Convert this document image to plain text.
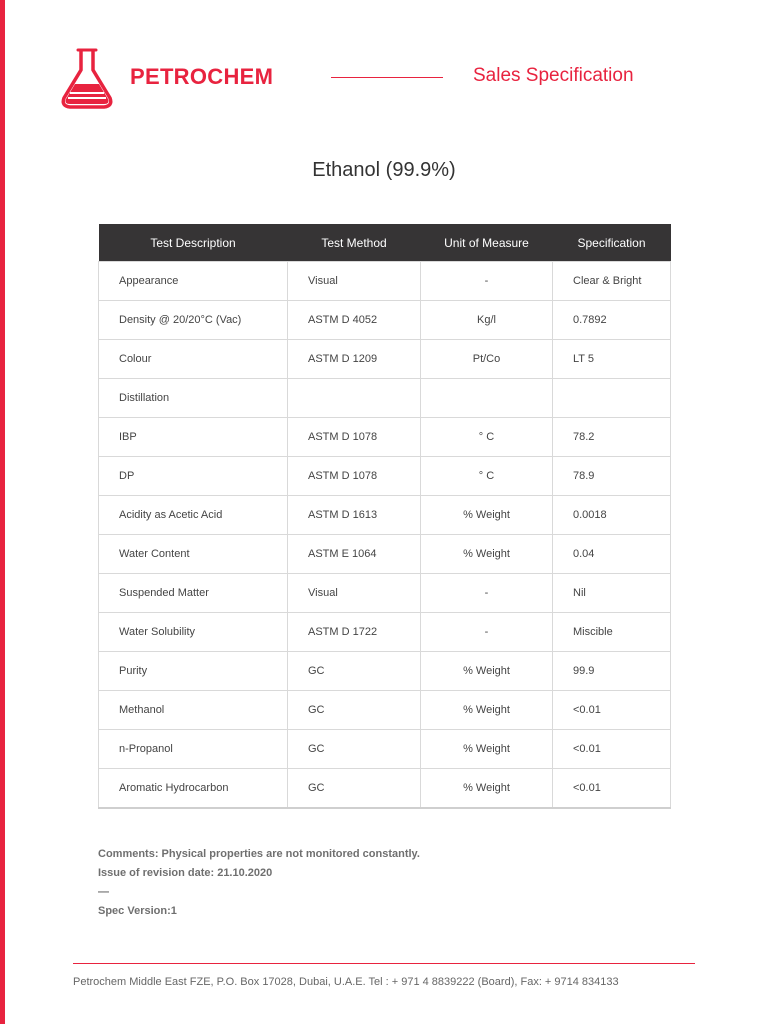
PETROCHEM	Sales Specification
Ethanol (99.9%)
Test Description	Test Method	Unit of Measure	Specification
Appearance	Visual	-	Clear & Bright
Density @ 20/20°C (Vac)	ASTM D 4052	Kg/l	0.7892
Colour	ASTM D 1209	Pt/Co	LT 5
Distillation			
IBP	ASTM D 1078	° C	78.2
DP	ASTM D 1078	° C	78.9
Acidity as Acetic Acid	ASTM D 1613	% Weight	0.0018
Water Content	ASTM E 1064	% Weight	0.04
Suspended Matter	Visual	-	Nil
Water Solubility	ASTM D 1722	-	Miscible
Purity	GC	% Weight	99.9
Methanol	GC	% Weight	<0.01
n-Propanol	GC	% Weight	<0.01
Aromatic Hydrocarbon	GC	% Weight	<0.01
Comments: Physical properties are not monitored constantly.
Issue of revision date: 21.10.2020
—
Spec Version:1
Petrochem Middle East FZE, P.O. Box 17028, Dubai, U.A.E. Tel : + 971 4 8839222 (Board), Fax: + 9714 834133
